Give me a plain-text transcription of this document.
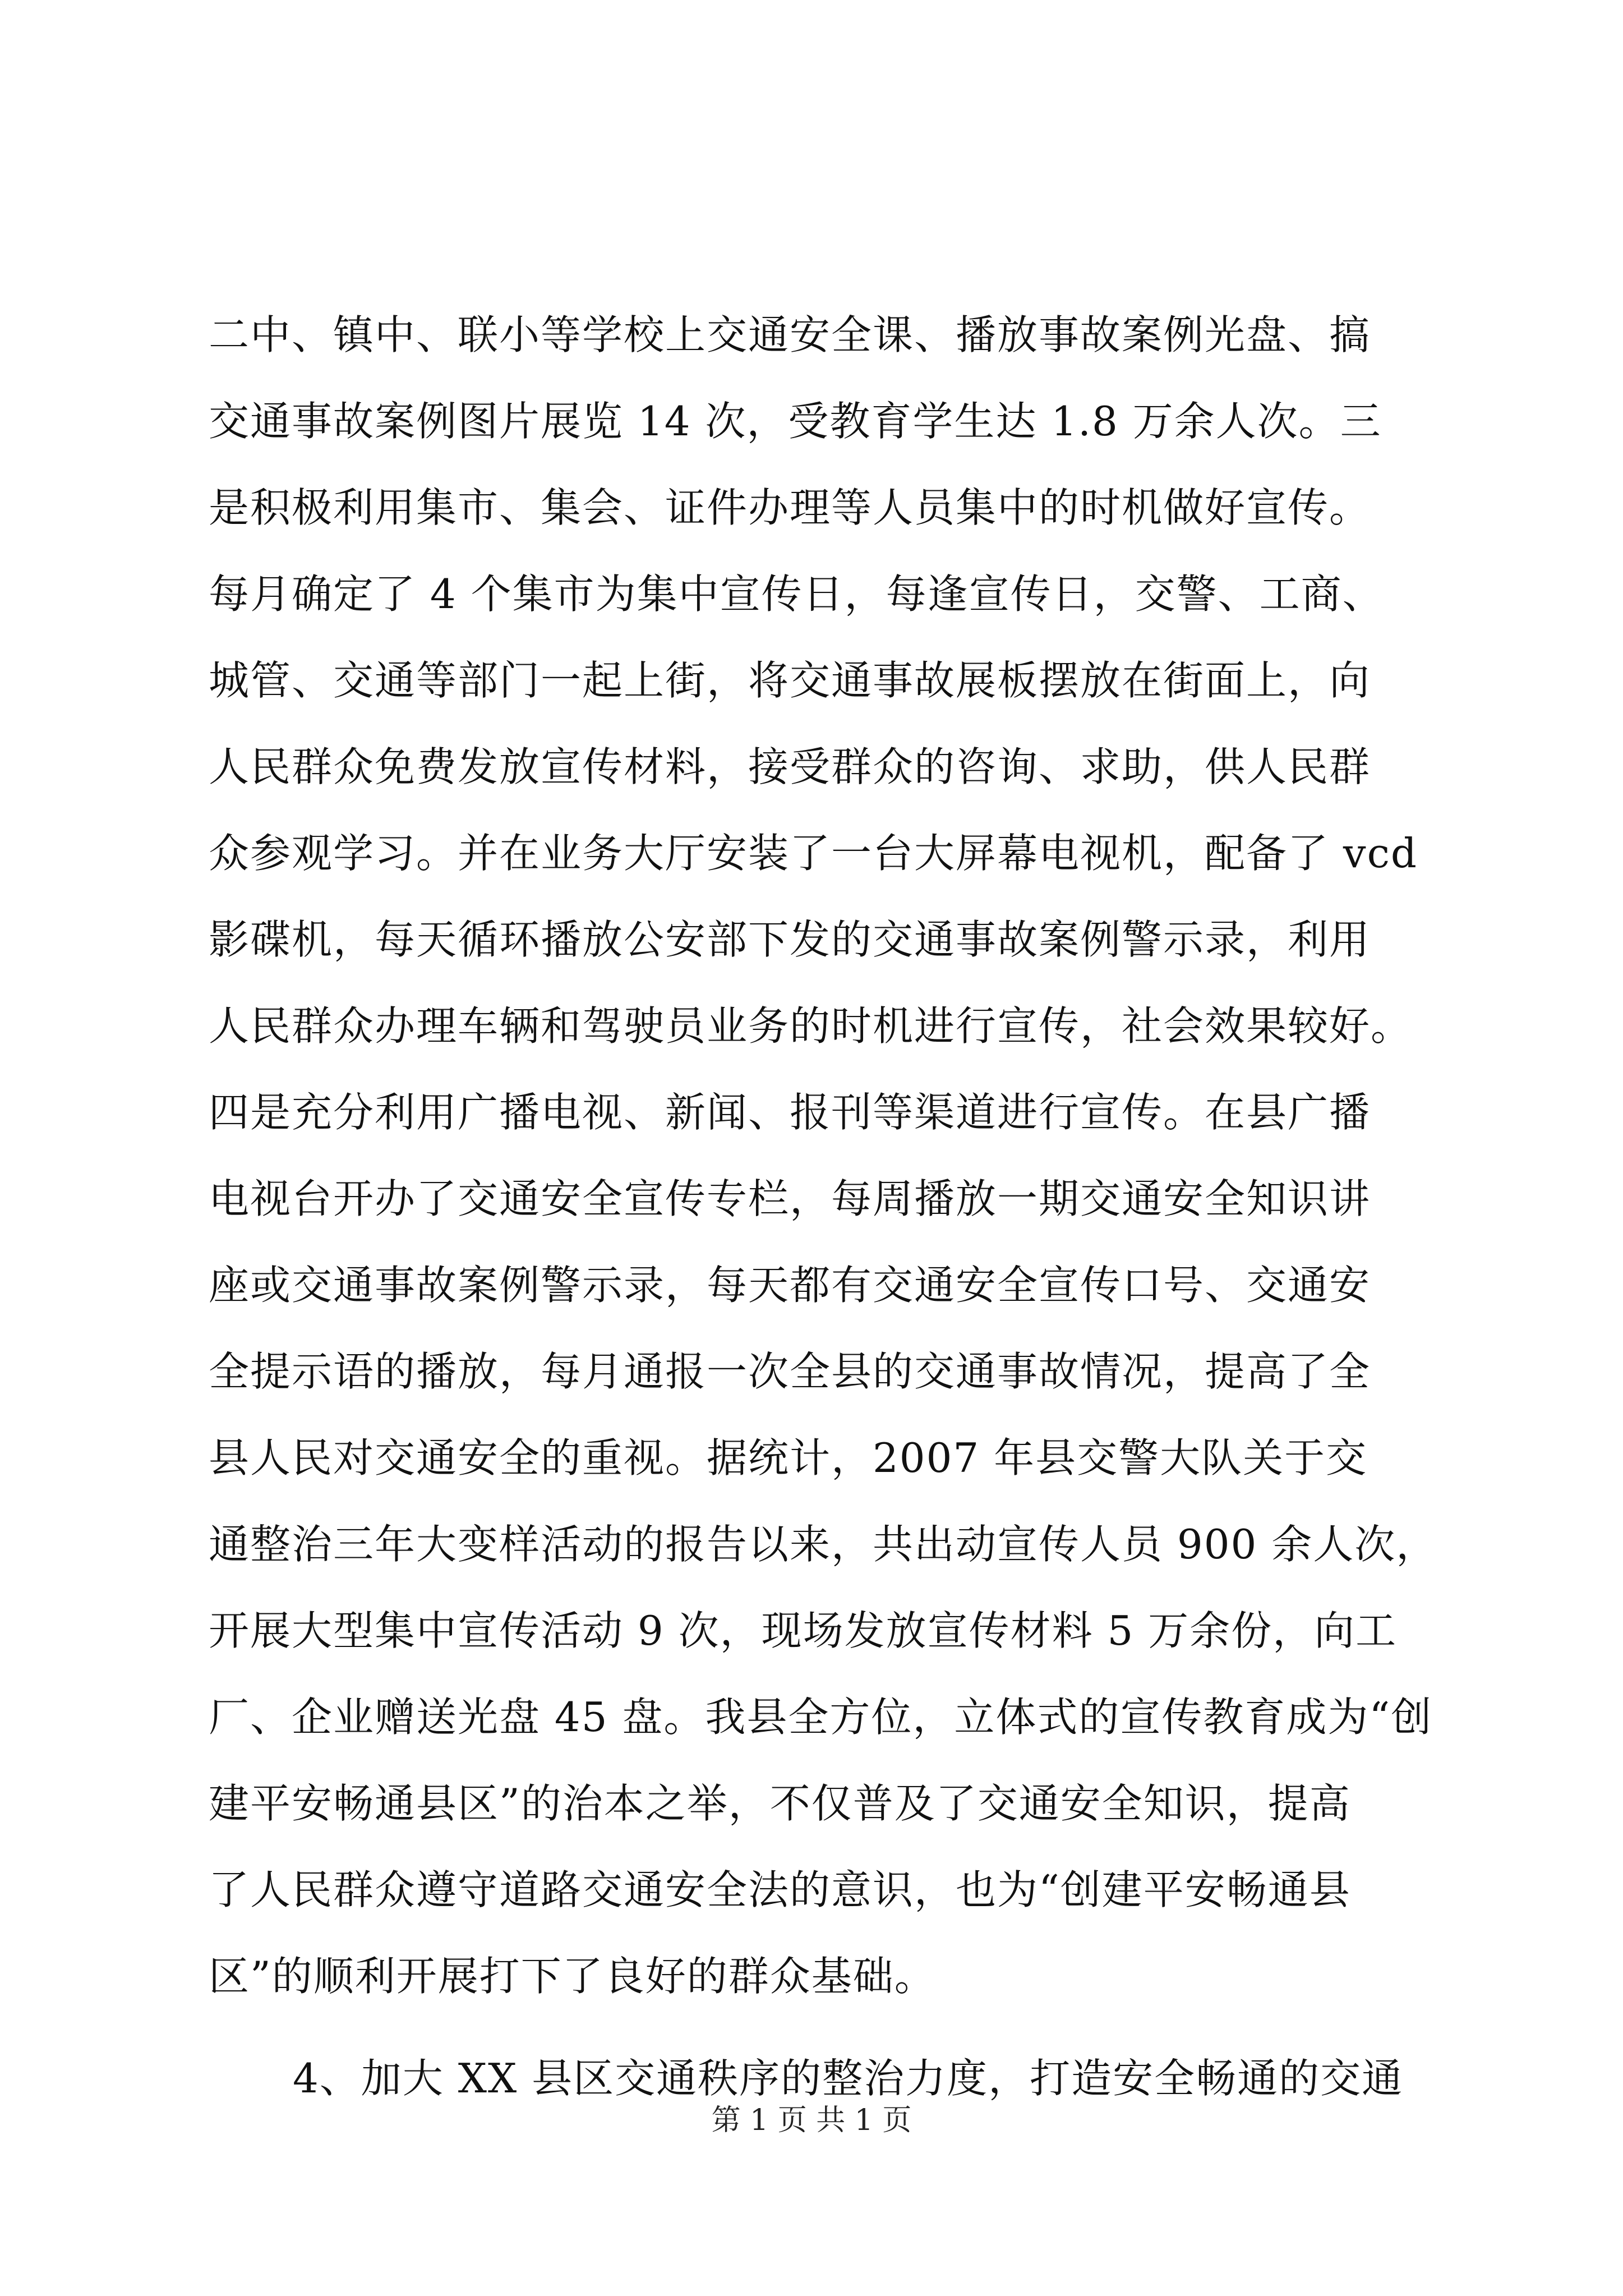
二中、镇中、联小等学校上交通安全课、播放事故案例光盘、搞
交通事故案例图片展览 14 次，受教育学生达 1.8 万余人次。三
是积极利用集市、集会、证件办理等人员集中的时机做好宣传。
每月确定了 4 个集市为集中宣传日，每逢宣传日，交警、工商、
城管、交通等部门一起上街，将交通事故展板摆放在街面上，向
人民群众免费发放宣传材料，接受群众的咨询、求助，供人民群
众参观学习。并在业务大厅安装了一台大屏幕电视机，配备了 vcd
影碟机，每天循环播放公安部下发的交通事故案例警示录，利用
人民群众办理车辆和驾驶员业务的时机进行宣传，社会效果较好。
四是充分利用广播电视、新闻、报刊等渠道进行宣传。在县广播
电视台开办了交通安全宣传专栏，每周播放一期交通安全知识讲
座或交通事故案例警示录，每天都有交通安全宣传口号、交通安
全提示语的播放，每月通报一次全县的交通事故情况，提高了全
县人民对交通安全的重视。据统计，2007 年县交警大队关于交
通整治三年大变样活动的报告以来，共出动宣传人员 900 余人次，
开展大型集中宣传活动 9 次，现场发放宣传材料 5 万余份，向工
厂、企业赠送光盘 45 盘。我县全方位，立体式的宣传教育成为“创
建平安畅通县区”的治本之举，不仅普及了交通安全知识，提高
了人民群众遵守道路交通安全法的意识，也为“创建平安畅通县
区”的顺利开展打下了良好的群众基础。
4、加大 XX 县区交通秩序的整治力度，打造安全畅通的交通
第 1 页 共 1 页
